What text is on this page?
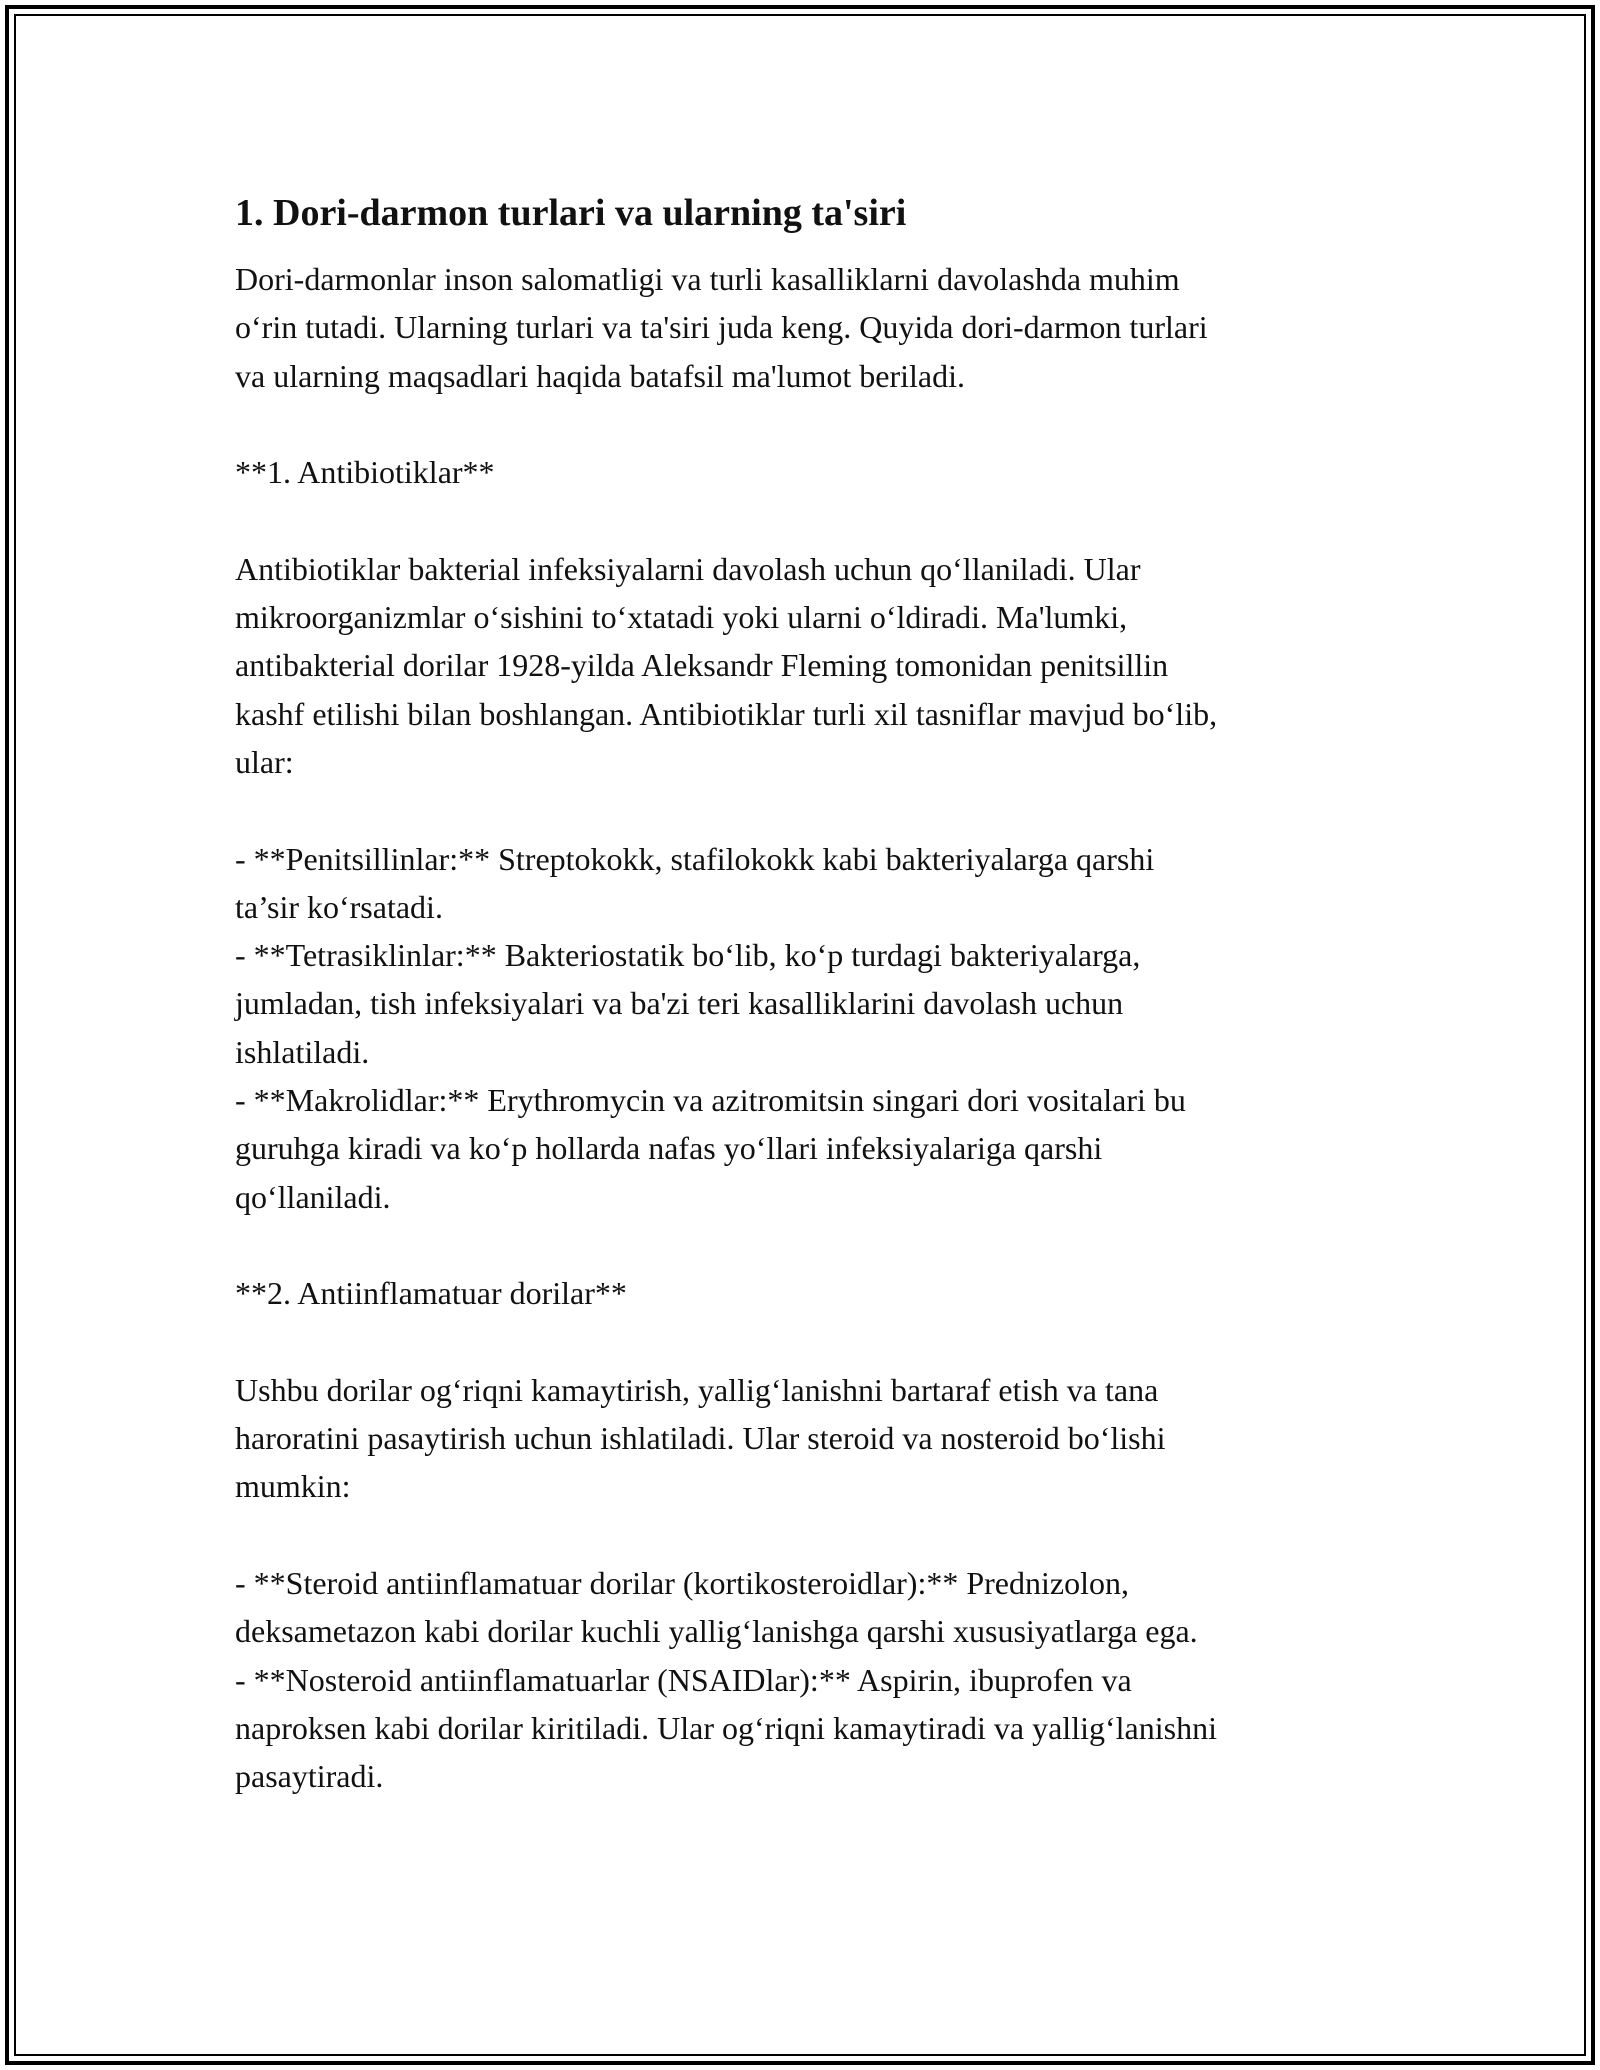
1. Dori-darmon turlari va ularning ta'siri

Dori-darmonlar inson salomatligi va turli kasalliklarni davolashda muhim
o‘rin tutadi. Ularning turlari va ta'siri juda keng. Quyida dori-darmon turlari
va ularning maqsadlari haqida batafsil ma'lumot beriladi.

**1. Antibiotiklar**

Antibiotiklar bakterial infeksiyalarni davolash uchun qo‘llaniladi. Ular
mikroorganizmlar o‘sishini to‘xtatadi yoki ularni o‘ldiradi. Ma'lumki,
antibakterial dorilar 1928-yilda Aleksandr Fleming tomonidan penitsillin
kashf etilishi bilan boshlangan. Antibiotiklar turli xil tasniflar mavjud bo‘lib,
ular:

- **Penitsillinlar:** Streptokokk, stafilokokk kabi bakteriyalarga qarshi
ta’sir ko‘rsatadi.
- **Tetrasiklinlar:** Bakteriostatik bo‘lib, ko‘p turdagi bakteriyalarga,
jumladan, tish infeksiyalari va ba'zi teri kasalliklarini davolash uchun
ishlatiladi.
- **Makrolidlar:** Erythromycin va azitromitsin singari dori vositalari bu
guruhga kiradi va ko‘p hollarda nafas yo‘llari infeksiyalariga qarshi
qo‘llaniladi.

**2. Antiinflamatuar dorilar**

Ushbu dorilar og‘riqni kamaytirish, yallig‘lanishni bartaraf etish va tana
haroratini pasaytirish uchun ishlatiladi. Ular steroid va nosteroid bo‘lishi
mumkin:

- **Steroid antiinflamatuar dorilar (kortikosteroidlar):** Prednizolon,
deksametazon kabi dorilar kuchli yallig‘lanishga qarshi xususiyatlarga ega.
- **Nosteroid antiinflamatuarlar (NSAIDlar):** Aspirin, ibuprofen va
naproksen kabi dorilar kiritiladi. Ular og‘riqni kamaytiradi va yallig‘lanishni
pasaytiradi.
